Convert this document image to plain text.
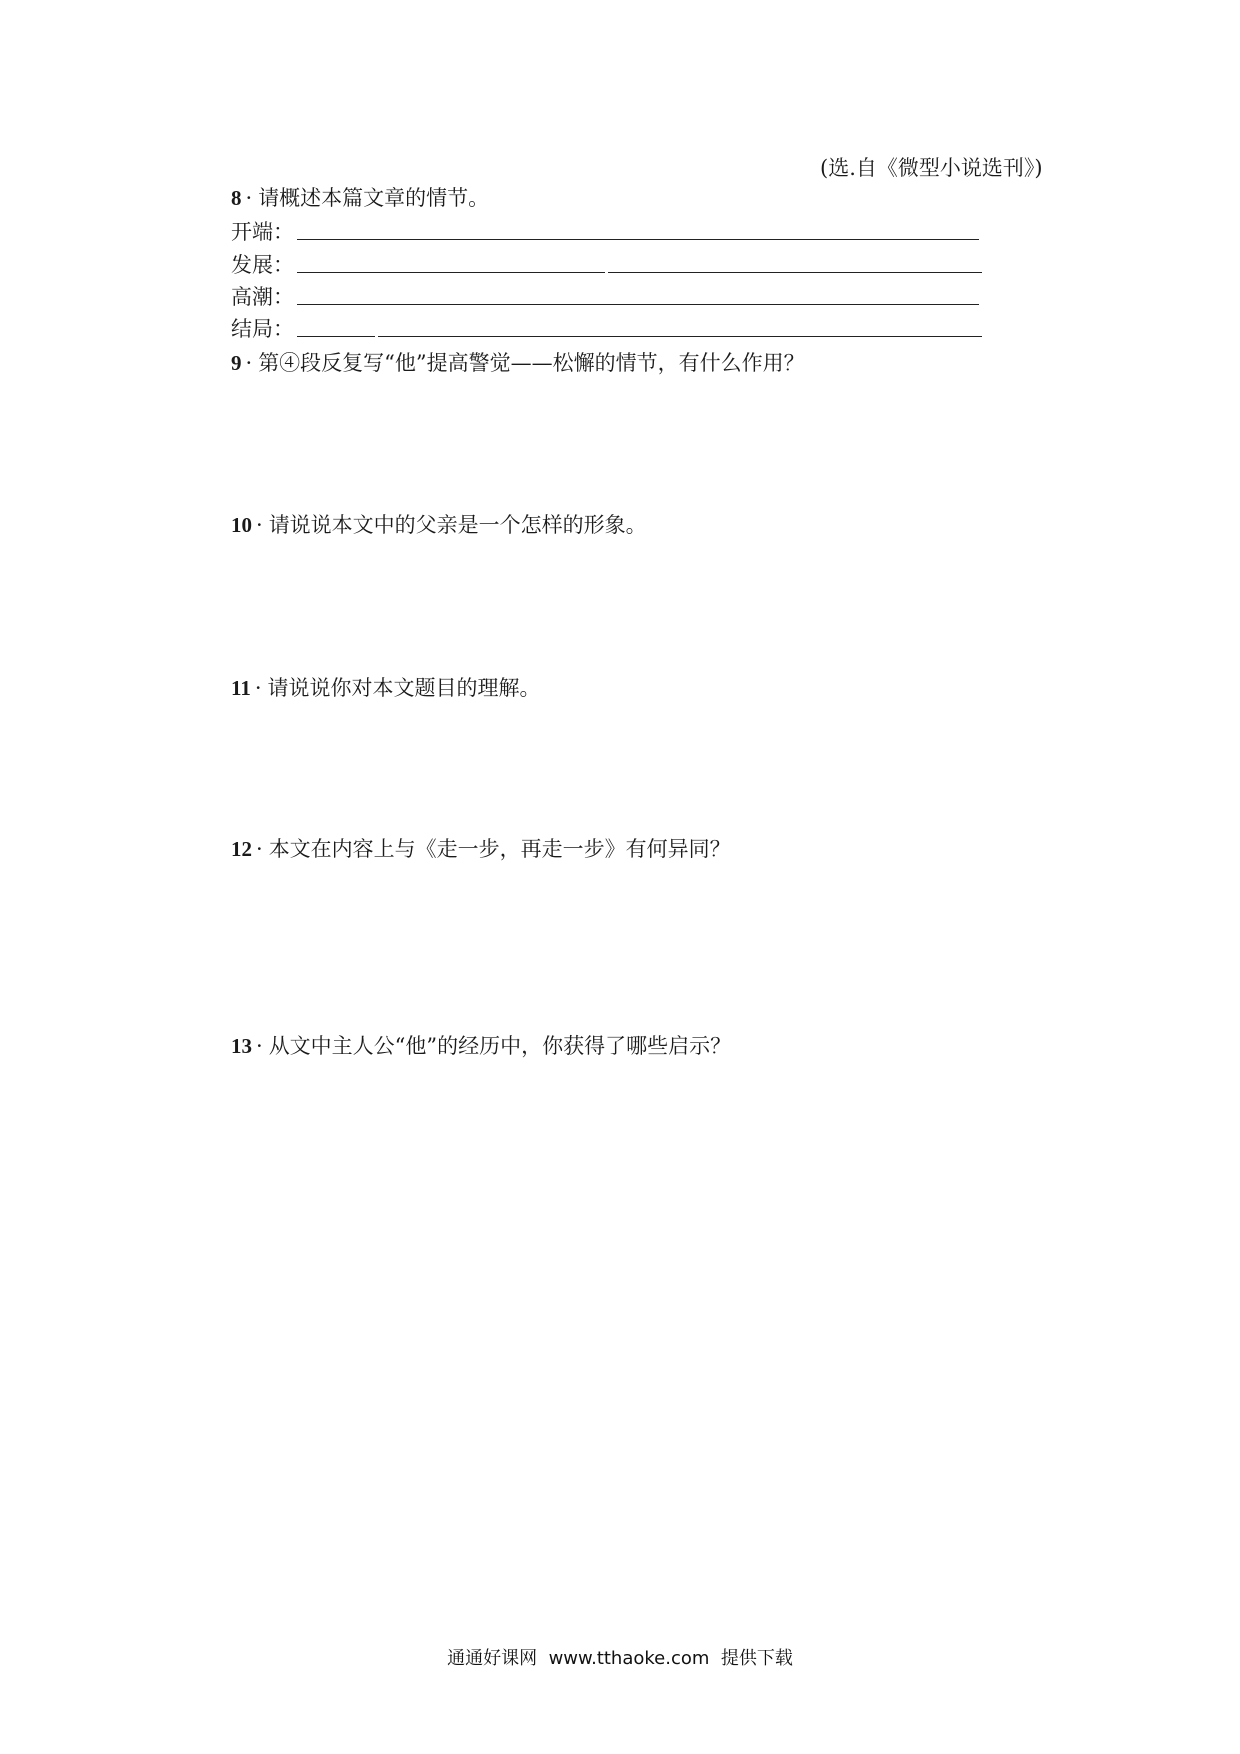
(选.自《微型小说选刊》)
8 · 请概述本篇文章的情节。
开端：
发展：
高潮：
结局：
9 · 第④段反复写“他”提高警觉——松懈的情节，有什么作用？
10 · 请说说本文中的父亲是一个怎样的形象。
11 · 请说说你对本文题目的理解。
12 · 本文在内容上与《走一步，再走一步》有何异同？
13 · 从文中主人公“他”的经历中，你获得了哪些启示？
通通好课网  www.tthaoke.com  提供下载
